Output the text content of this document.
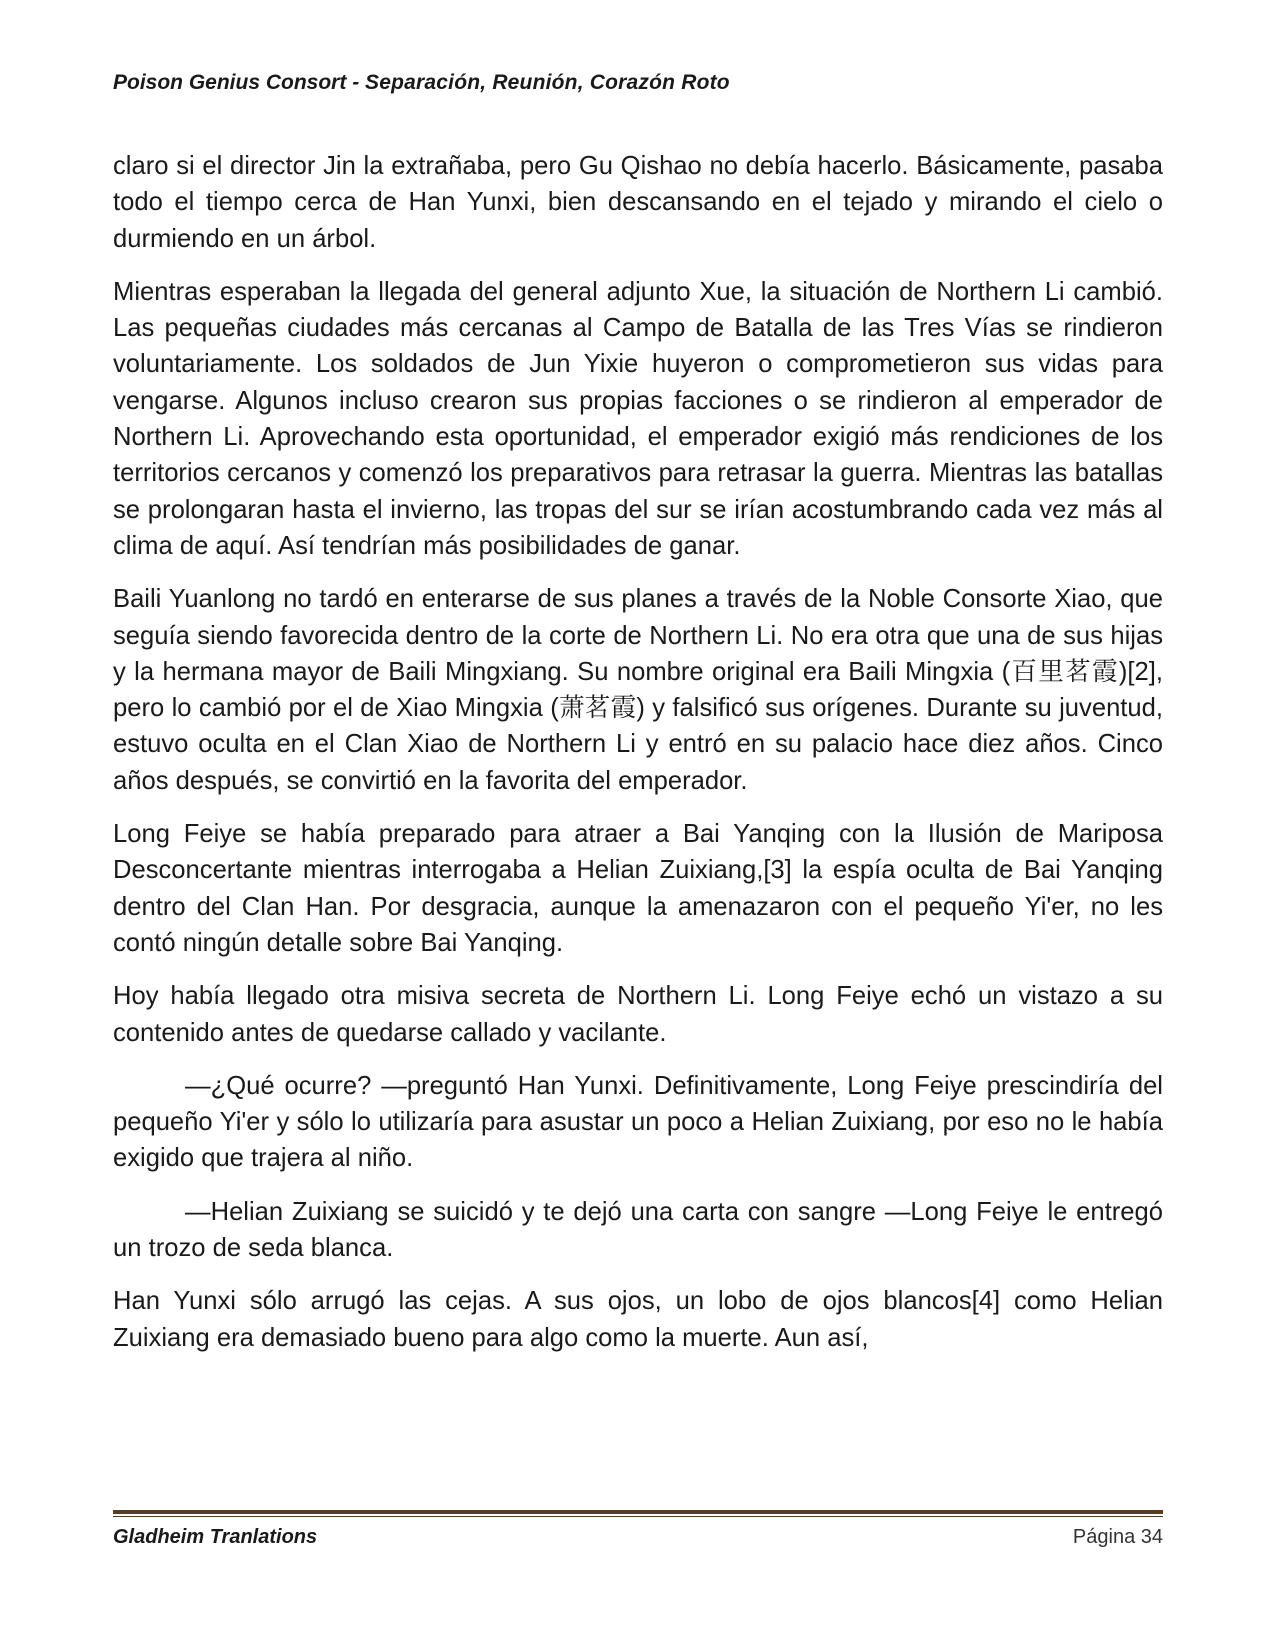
Poison Genius Consort - Separación, Reunión, Corazón Roto

claro si el director Jin la extrañaba, pero Gu Qishao no debía hacerlo. Básicamente, pasaba todo el tiempo cerca de Han Yunxi, bien descansando en el tejado y mirando el cielo o durmiendo en un árbol.

Mientras esperaban la llegada del general adjunto Xue, la situación de Northern Li cambió. Las pequeñas ciudades más cercanas al Campo de Batalla de las Tres Vías se rindieron voluntariamente. Los soldados de Jun Yixie huyeron o comprometieron sus vidas para vengarse. Algunos incluso crearon sus propias facciones o se rindieron al emperador de Northern Li. Aprovechando esta oportunidad, el emperador exigió más rendiciones de los territorios cercanos y comenzó los preparativos para retrasar la guerra. Mientras las batallas se prolongaran hasta el invierno, las tropas del sur se irían acostumbrando cada vez más al clima de aquí. Así tendrían más posibilidades de ganar.

Baili Yuanlong no tardó en enterarse de sus planes a través de la Noble Consorte Xiao, que seguía siendo favorecida dentro de la corte de Northern Li. No era otra que una de sus hijas y la hermana mayor de Baili Mingxiang. Su nombre original era Baili Mingxia (百里茗霞)[2], pero lo cambió por el de Xiao Mingxia (萧茗霞) y falsificó sus orígenes. Durante su juventud, estuvo oculta en el Clan Xiao de Northern Li y entró en su palacio hace diez años. Cinco años después, se convirtió en la favorita del emperador.

Long Feiye se había preparado para atraer a Bai Yanqing con la Ilusión de Mariposa Desconcertante mientras interrogaba a Helian Zuixiang,[3] la espía oculta de Bai Yanqing dentro del Clan Han. Por desgracia, aunque la amenazaron con el pequeño Yi'er, no les contó ningún detalle sobre Bai Yanqing.

Hoy había llegado otra misiva secreta de Northern Li. Long Feiye echó un vistazo a su contenido antes de quedarse callado y vacilante.

—¿Qué ocurre? —preguntó Han Yunxi. Definitivamente, Long Feiye prescindiría del pequeño Yi'er y sólo lo utilizaría para asustar un poco a Helian Zuixiang, por eso no le había exigido que trajera al niño.

—Helian Zuixiang se suicidó y te dejó una carta con sangre —Long Feiye le entregó un trozo de seda blanca.

Han Yunxi sólo arrugó las cejas. A sus ojos, un lobo de ojos blancos[4] como Helian Zuixiang era demasiado bueno para algo como la muerte. Aun así,

Gladheim Tranlations	Página 34
